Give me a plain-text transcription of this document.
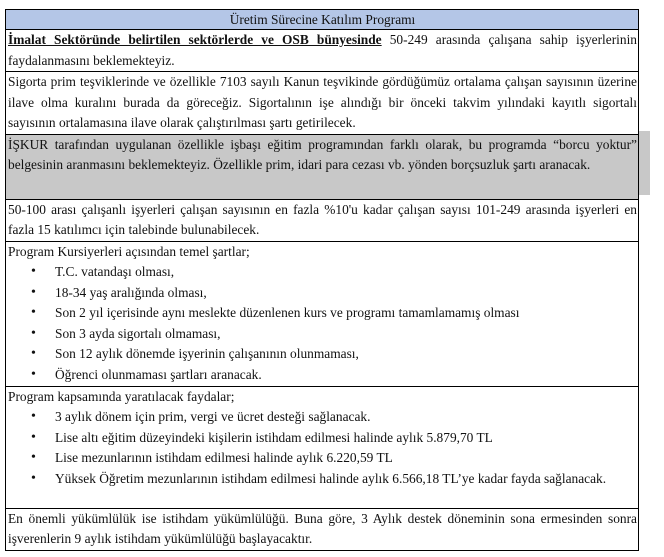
Üretim Sürecine Katılım Programı
İmalat Sektöründe belirtilen sektörlerde ve OSB bünyesinde 50-249 arasında çalışana sahip işyerlerinin faydalanmasını beklemekteyiz.
Sigorta prim teşviklerinde ve özellikle 7103 sayılı Kanun teşvikinde gördüğümüz ortalama çalışan sayısının üzerine ilave olma kuralını burada da göreceğiz. Sigortalının işe alındığı bir önceki takvim yılındaki kayıtlı sigortalı sayısının ortalamasına ilave olarak çalıştırılması şartı getirilecek.
İŞKUR tarafından uygulanan özellikle işbaşı eğitim programından farklı olarak, bu programda “borcu yoktur” belgesinin aranmasını beklemekteyiz. Özellikle prim, idari para cezası vb. yönden borçsuzluk şartı aranacak.
50-100 arası çalışanlı işyerleri çalışan sayısının en fazla %10'u kadar çalışan sayısı 101-249 arasında işyerleri en fazla 15 katılımcı için talebinde bulunabilecek.

Program Kursiyerleri açısından temel şartlar;
• T.C. vatandaşı olması,
• 18-34 yaş aralığında olması,
• Son 2 yıl içerisinde aynı meslekte düzenlenen kurs ve programı tamamlamamış olması
• Son 3 ayda sigortalı olmaması,
• Son 12 aylık dönemde işyerinin çalışanının olunmaması,
• Öğrenci olunmaması şartları aranacak.

Program kapsamında yaratılacak faydalar;
• 3 aylık dönem için prim, vergi ve ücret desteği sağlanacak.
• Lise altı eğitim düzeyindeki kişilerin istihdam edilmesi halinde aylık 5.879,70 TL
• Lise mezunlarının istihdam edilmesi halinde aylık 6.220,59 TL
• Yüksek Öğretim mezunlarının istihdam edilmesi halinde aylık 6.566,18 TL’ye kadar fayda sağlanacak.

En önemli yükümlülük ise istihdam yükümlülüğü. Buna göre, 3 Aylık destek döneminin sona ermesinden sonra işverenlerin 9 aylık istihdam yükümlülüğü başlayacaktır.
